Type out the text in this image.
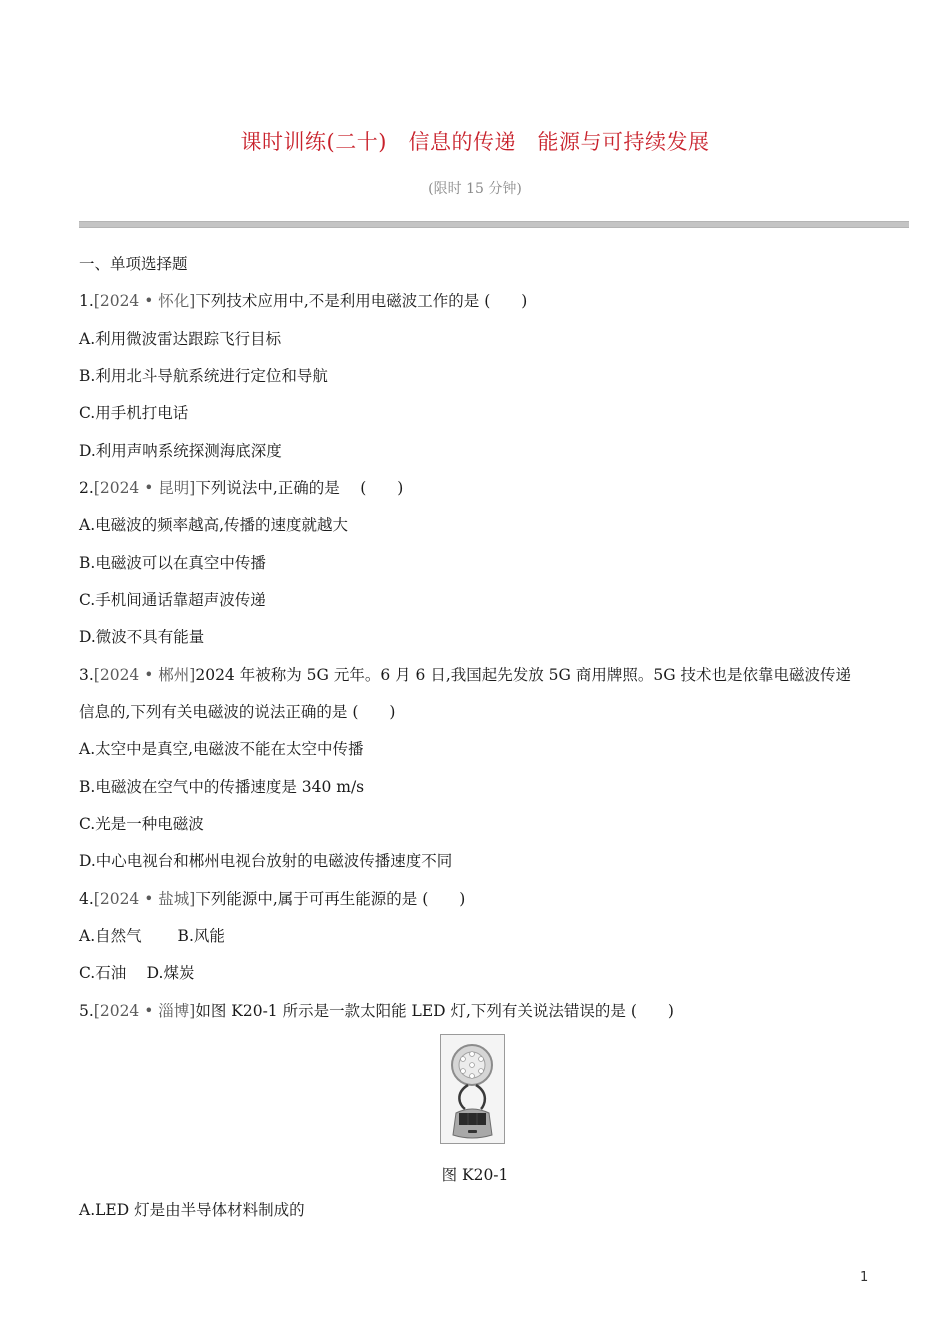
课时训练(二十)   信息的传递   能源与可持续发展
(限时 15 分钟)
一、单项选择题
1.[2024 • 怀化]下列技术应用中,不是利用电磁波工作的是 (　　)
A.利用微波雷达跟踪飞行目标
B.利用北斗导航系统进行定位和导航
C.用手机打电话
D.利用声呐系统探测海底深度
2.[2024 • 昆明]下列说法中,正确的是　 (　　)
A.电磁波的频率越高,传播的速度就越大
B.电磁波可以在真空中传播
C.手机间通话靠超声波传递
D.微波不具有能量
3.[2024 • 郴州]2024 年被称为 5G 元年。6 月 6 日,我国起先发放 5G 商用牌照。5G 技术也是依靠电磁波传递
信息的,下列有关电磁波的说法正确的是 (　　)
A.太空中是真空,电磁波不能在太空中传播
B.电磁波在空气中的传播速度是 340 m/s
C.光是一种电磁波
D.中心电视台和郴州电视台放射的电磁波传播速度不同
4.[2024 • 盐城]下列能源中,属于可再生能源的是 (　　)
A.自然气　　 B.风能
C.石油　 D.煤炭
5.[2024 • 淄博]如图 K20-1 所示是一款太阳能 LED 灯,下列有关说法错误的是 (　　)
图 K20-1
A.LED 灯是由半导体材料制成的
1
